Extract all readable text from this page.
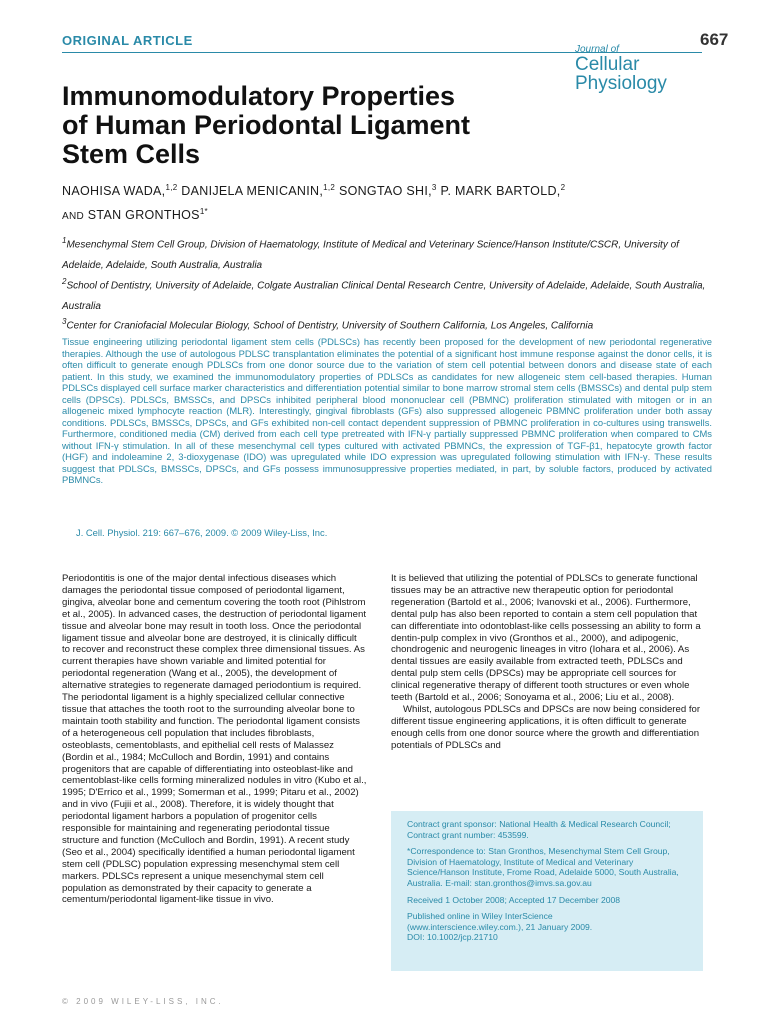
ORIGINAL ARTICLE	667
Journal of
Cellular
Physiology
Immunomodulatory Properties
of Human Periodontal Ligament
Stem Cells
NAOHISA WADA,$^{1,2}$ DANIJELA MENICANIN,$^{1,2}$ SONGTAO SHI,$^3$ P. MARK BARTOLD,$^2$
AND STAN $GRONTHOS^{1*}$
$^1$Mesenchymal Stem Cell Group, Division of Haematology, Institute of Medical and Veterinary Science/Hanson Institute/CSCR, University of Adelaide, Adelaide, South Australia, Australia
$^2$School of Dentistry, University of Adelaide, Colgate Australian Clinical Dental Research Centre, University of Adelaide, Adelaide, South Australia, Australia
$^3$Center for Craniofacial Molecular Biology, School of Dentistry, University of Southern California, Los Angeles, California
Tissue engineering utilizing periodontal ligament stem cells (PDLSCs) has recently been proposed for the development of new periodontal regenerative therapies. Although the use of autologous PDLSC transplantation eliminates the potential of a significant host immune response against the donor cells, it is often difficult to generate enough PDLSCs from one donor source due to the variation of stem cell potential between donors and disease state of each patient. In this study, we examined the immunomodulatory properties of PDLSCs as candidates for new allogeneic stem cell-based therapies. Human PDLSCs displayed cell surface marker characteristics and differentiation potential similar to bone marrow stromal stem cells (BMSSCs) and dental pulp stem cells (DPSCs). PDLSCs, BMSSCs, and DPSCs inhibited peripheral blood mononuclear cell (PBMNC) proliferation stimulated with mitogen or in an allogeneic mixed lymphocyte reaction (MLR). Interestingly, gingival fibroblasts (GFs) also suppressed allogeneic PBMNC proliferation under both assay conditions. PDLSCs, BMSSCs, DPSCs, and GFs exhibited non-cell contact dependent suppression of PBMNC proliferation in co-cultures using transwells. Furthermore, conditioned media (CM) derived from each cell type pretreated with IFN-γ partially suppressed PBMNC proliferation when compared to CMs without IFN-γ stimulation. In all of these mesenchymal cell types cultured with activated PBMNCs, the expression of TGF-β1, hepatocyte growth factor (HGF) and indoleamine 2, 3-dioxygenase (IDO) was upregulated while IDO expression was upregulated following stimulation with IFN-γ. These results suggest that PDLSCs, BMSSCs, DPSCs, and GFs possess immunosuppressive properties mediated, in part, by soluble factors, produced by activated PBMNCs.
J. Cell. Physiol. 219: 667–676, 2009. © 2009 Wiley-Liss, Inc.

Periodontitis is one of the major dental infectious diseases which damages the periodontal tissue composed of periodontal ligament, gingiva, alveolar bone and cementum covering the tooth root (Pihlstrom et al., 2005). In advanced cases, the destruction of periodontal ligament tissue and alveolar bone may result in tooth loss. Once the periodontal ligament tissue and alveolar bone are destroyed, it is clinically difficult to recover and reconstruct these complex three dimensional tissues. As current therapies have shown variable and limited potential for periodontal regeneration (Wang et al., 2005), the development of alternative strategies to regenerate damaged periodontium is required. The periodontal ligament is a highly specialized cellular connective tissue that attaches the tooth root to the surrounding alveolar bone to maintain tooth stability and function. The periodontal ligament consists of a heterogeneous cell population that includes fibroblasts, osteoblasts, cementoblasts, and epithelial cell rests of Malassez (Bordin et al., 1984; McCulloch and Bordin, 1991) and contains progenitors that are capable of differentiating into osteoblast-like and cementoblast-like cells forming mineralized nodules in vitro (Kubo et al., 1995; D'Errico et al., 1999; Somerman et al., 1999; Pitaru et al., 2002) and in vivo (Fujii et al., 2008). Therefore, it is widely thought that periodontal ligament harbors a population of progenitor cells responsible for maintaining and regenerating periodontal tissue structure and function (McCulloch and Bordin, 1991). A recent study (Seo et al., 2004) specifically identified a human periodontal ligament stem cell (PDLSC) population expressing mesenchymal stem cell markers. PDLSCs represent a unique mesenchymal stem cell population as demonstrated by their capacity to generate a cementum/periodontal ligament-like tissue in vivo.

It is believed that utilizing the potential of PDLSCs to generate functional tissues may be an attractive new therapeutic option for periodontal regeneration (Bartold et al., 2006; Ivanovski et al., 2006). Furthermore, dental pulp has also been reported to contain a stem cell population that can differentiate into odontoblast-like cells possessing an ability to form a dentin-pulp complex in vivo (Gronthos et al., 2000), and adipogenic, chondrogenic and neurogenic lineages in vitro (Iohara et al., 2006). As dental tissues are easily available from extracted teeth, PDLSCs and dental pulp stem cells (DPSCs) may be appropriate cell sources for clinical regenerative therapy of different tooth structures or even whole teeth (Bartold et al., 2006; Sonoyama et al., 2006; Liu et al., 2008).

Whilst, autologous PDLSCs and DPSCs are now being considered for different tissue engineering applications, it is often difficult to generate enough cells from one donor source where the growth and differentiation potentials of PDLSCs and

Contract grant sponsor: National Health & Medical Research Council;
Contract grant number: 453599.

*Correspondence to: Stan Gronthos, Mesenchymal Stem Cell Group, Division of Haematology, Institute of Medical and Veterinary Science/Hanson Institute, Frome Road, Adelaide 5000, South Australia, Australia. E-mail: stan.gronthos@imvs.sa.gov.au

Received 1 October 2008; Accepted 17 December 2008

Published online in Wiley InterScience
(www.interscience.wiley.com.), 21 January 2009.
DOI: 10.1002/jcp.21710

© 2009 WILEY-LISS, INC.
